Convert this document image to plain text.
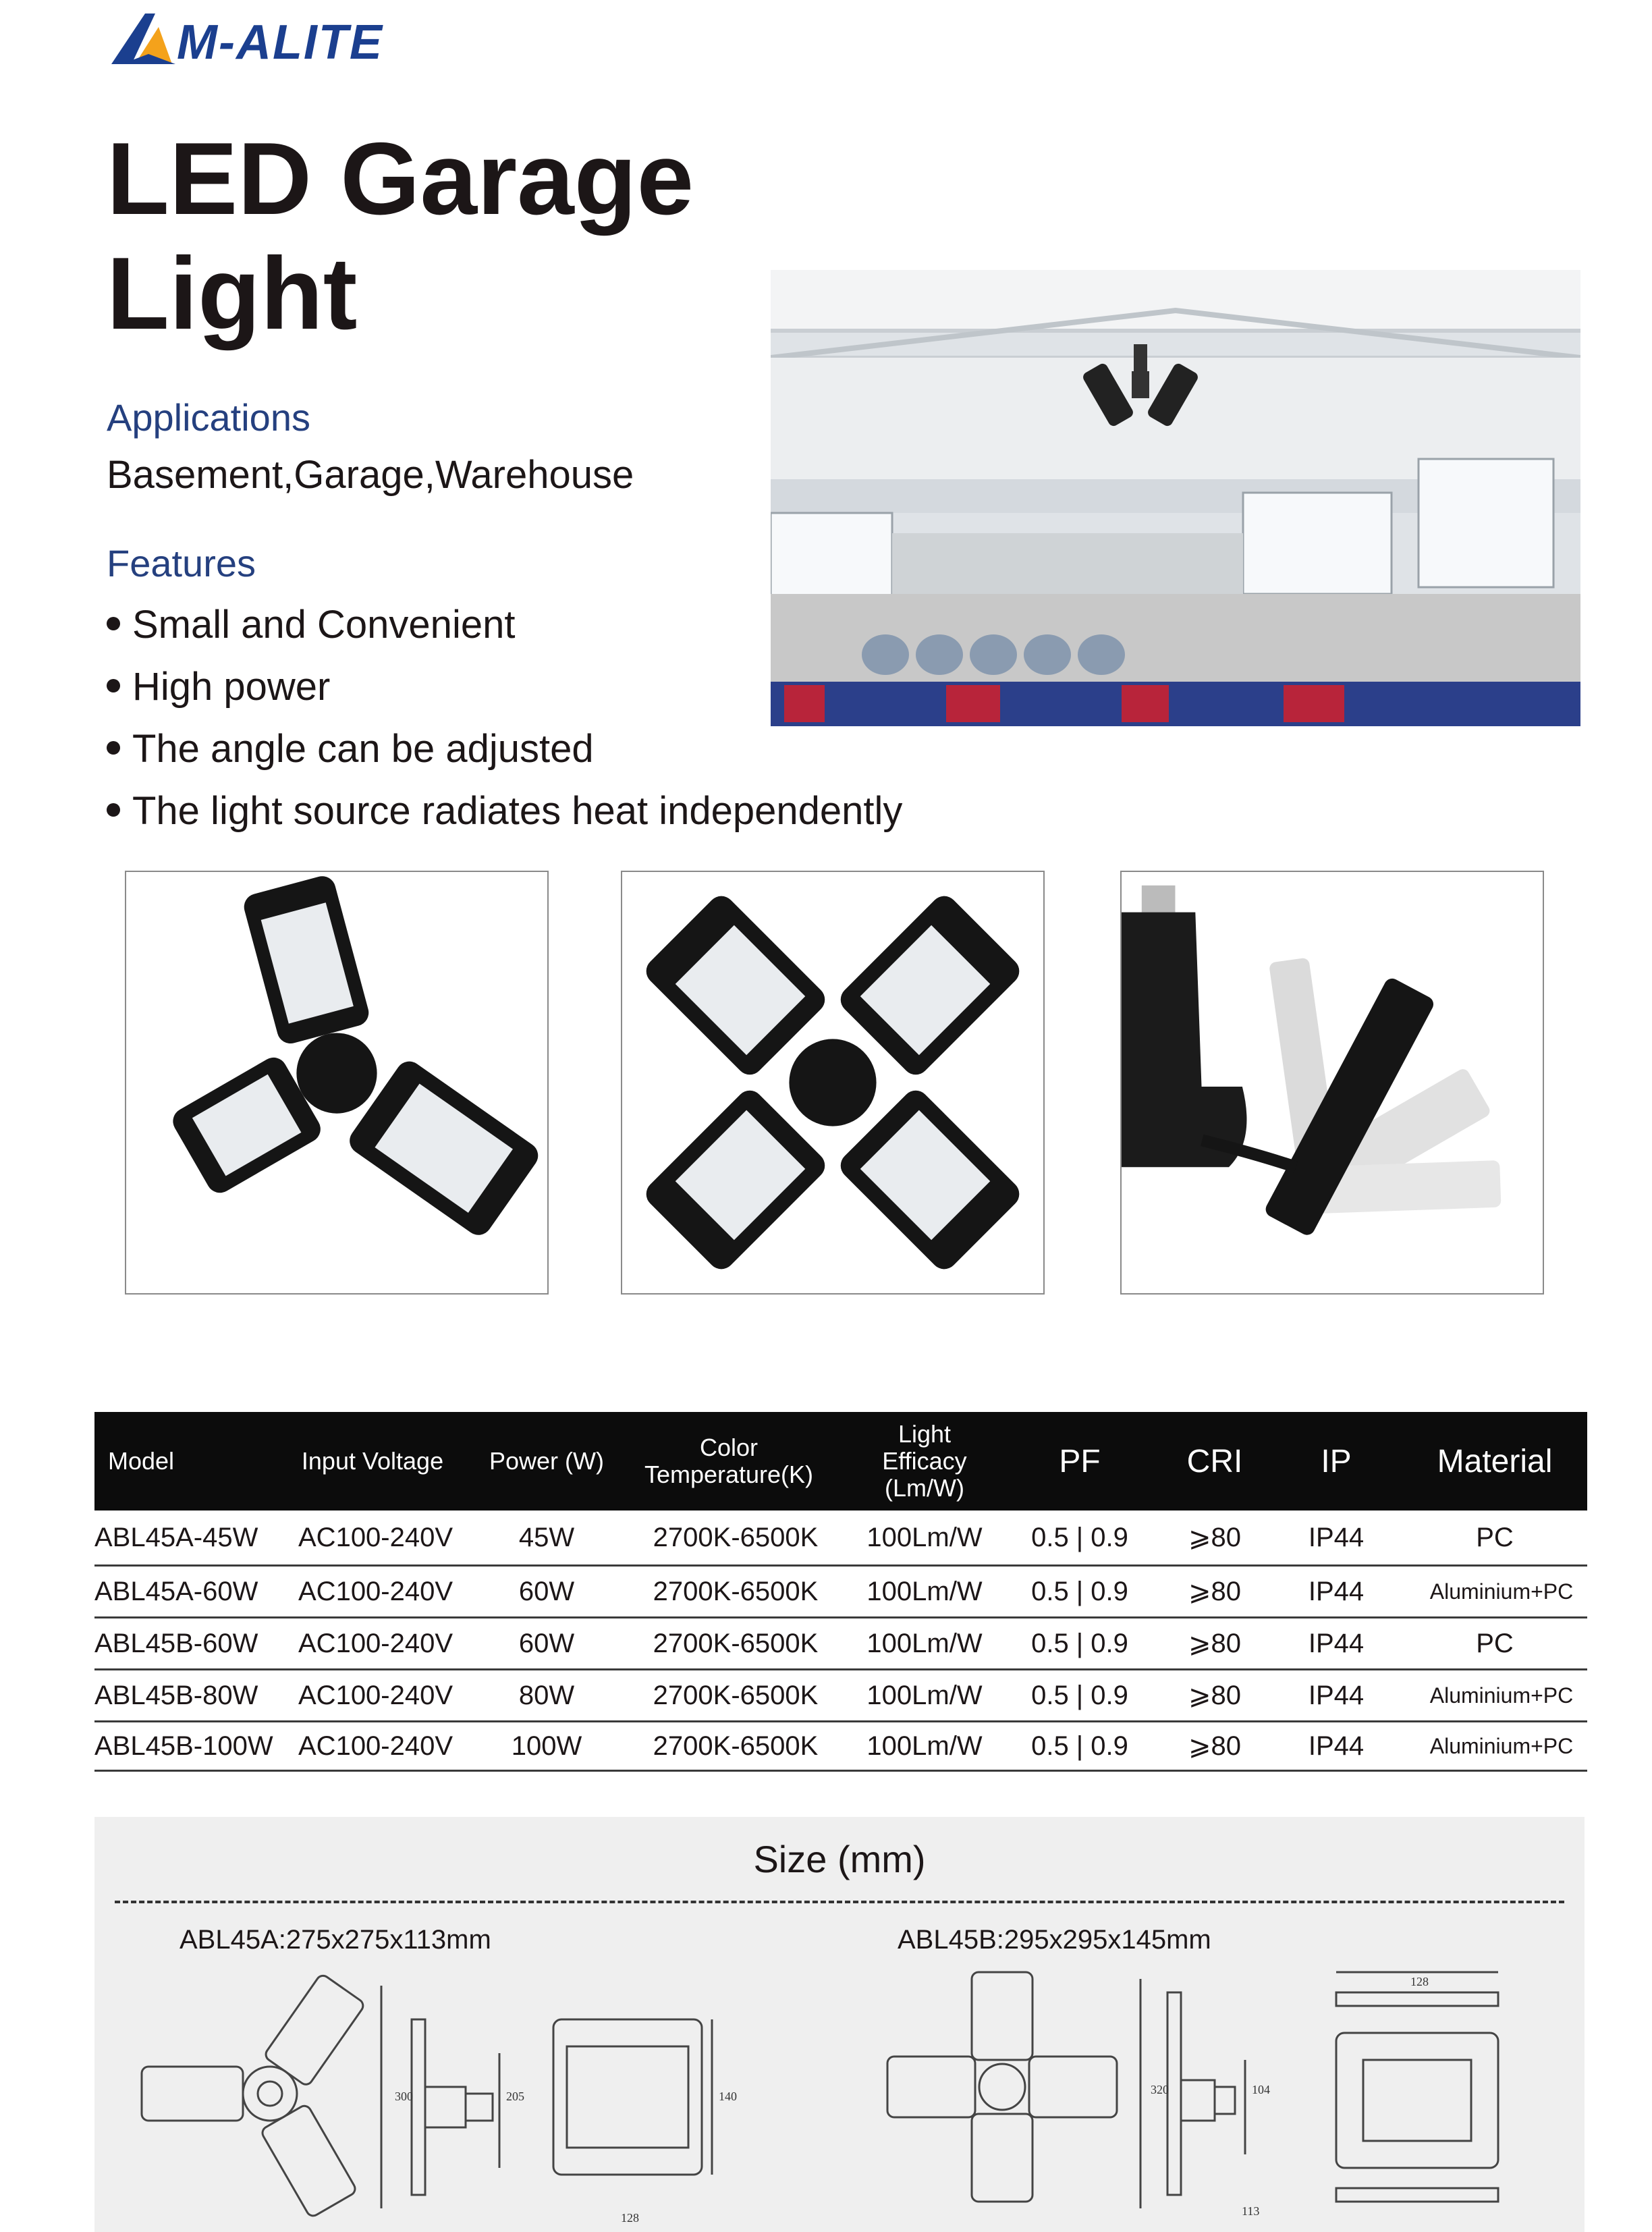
M-ALITE
LED Garage
Light
Applications
Basement,Garage,Warehouse
Features
Small and Convenient
High power
The angle can be adjusted
The light source radiates heat independently
Model	Input Voltage	Power (W)	Color
Temperature(K)
Light
Efficacy
(Lm/W)
PF	CRI	IP	Material
ABL45A-45W AC100-240V	45W	2700K-6500K	100Lm/W	0.5 | 0.9	⩾80	IP44	PC
ABL45A-60W AC100-240V	60W	2700K-6500K	100Lm/W	0.5 | 0.9	⩾80	IP44	Aluminium+PC
ABL45B-60W AC100-240V	60W	2700K-6500K	100Lm/W	0.5 | 0.9	⩾80	IP44	PC
ABL45B-80W AC100-240V	80W	2700K-6500K	100Lm/W	0.5 | 0.9	⩾80	IP44	Aluminium+PC
ABL45B-100W AC100-240V	100W	2700K-6500K	100Lm/W	0.5 | 0.9	⩾80	IP44	Aluminium+PC
Size (mm)
ABL45A:275x275x113mm	ABL45B:295x295x145mm
300	205	140
128
320	104
128
113
